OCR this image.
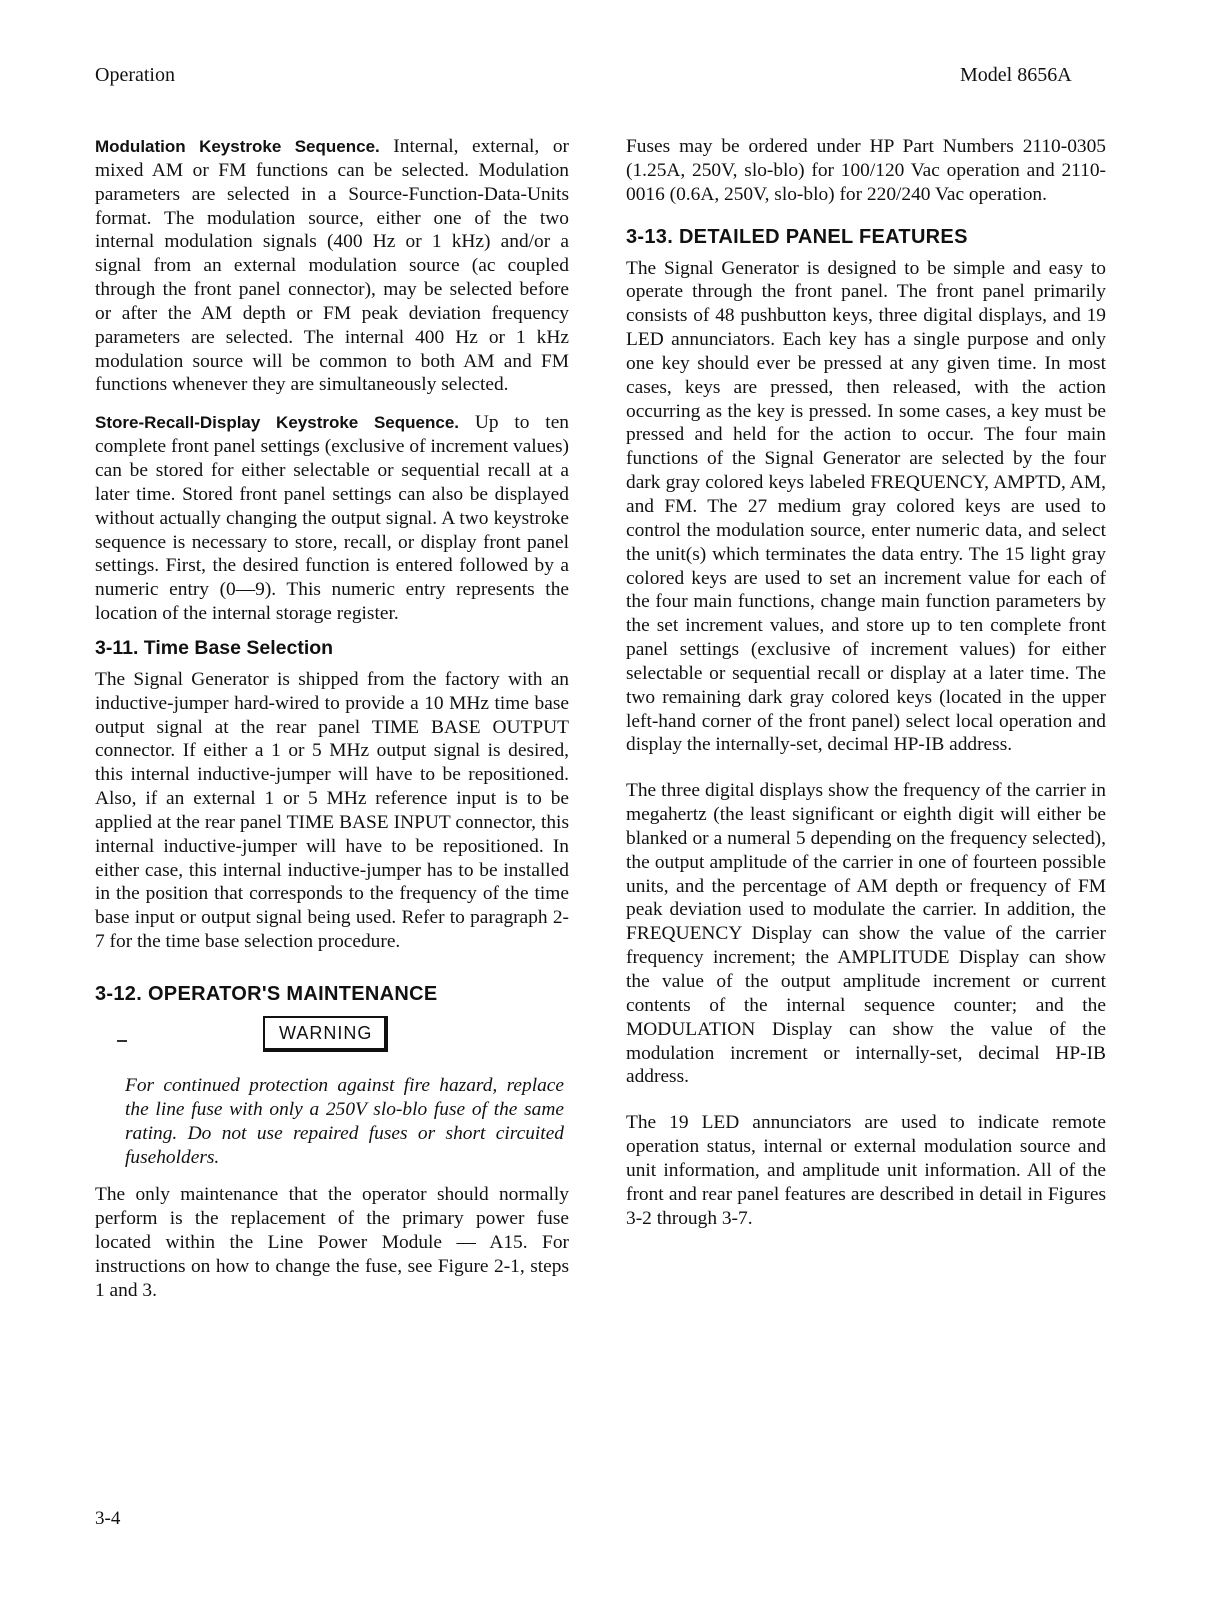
Operation	Model 8656A

Modulation Keystroke Sequence. Internal, external, or mixed AM or FM functions can be selected. Modulation parameters are selected in a Source-Function-Data-Units format. The modulation source, either one of the two internal modulation signals (400 Hz or 1 kHz) and/or a signal from an external modulation source (ac coupled through the front panel connector), may be selected before or after the AM depth or FM peak deviation frequency parameters are selected. The internal 400 Hz or 1 kHz modulation source will be common to both AM and FM functions whenever they are simultaneously selected.

Store-Recall-Display Keystroke Sequence. Up to ten complete front panel settings (exclusive of increment values) can be stored for either selectable or sequential recall at a later time. Stored front panel settings can also be displayed without actually changing the output signal. A two keystroke sequence is necessary to store, recall, or display front panel settings. First, the desired function is entered followed by a numeric entry (0—9). This numeric entry represents the location of the internal storage register.

3-11. Time Base Selection

The Signal Generator is shipped from the factory with an inductive-jumper hard-wired to provide a 10 MHz time base output signal at the rear panel TIME BASE OUTPUT connector. If either a 1 or 5 MHz output signal is desired, this internal inductive-jumper will have to be repositioned. Also, if an external 1 or 5 MHz reference input is to be applied at the rear panel TIME BASE INPUT connector, this internal inductive-jumper will have to be repositioned. In either case, this internal inductive-jumper has to be installed in the position that corresponds to the frequency of the time base input or output signal being used. Refer to paragraph 2-7 for the time base selection procedure.

3-12. OPERATOR'S MAINTENANCE
WARNING

For continued protection against fire hazard, replace the line fuse with only a 250V slo-blo fuse of the same rating. Do not use repaired fuses or short circuited fuseholders.

The only maintenance that the operator should normally perform is the replacement of the primary power fuse located within the Line Power Module — A15. For instructions on how to change the fuse, see Figure 2-1, steps 1 and 3.

Fuses may be ordered under HP Part Numbers 2110-0305 (1.25A, 250V, slo-blo) for 100/120 Vac operation and 2110-0016 (0.6A, 250V, slo-blo) for 220/240 Vac operation.

3-13. DETAILED PANEL FEATURES

The Signal Generator is designed to be simple and easy to operate through the front panel. The front panel primarily consists of 48 pushbutton keys, three digital displays, and 19 LED annunciators. Each key has a single purpose and only one key should ever be pressed at any given time. In most cases, keys are pressed, then released, with the action occurring as the key is pressed. In some cases, a key must be pressed and held for the action to occur. The four main functions of the Signal Generator are selected by the four dark gray colored keys labeled FREQUENCY, AMPTD, AM, and FM. The 27 medium gray colored keys are used to control the modulation source, enter numeric data, and select the unit(s) which terminates the data entry. The 15 light gray colored keys are used to set an increment value for each of the four main functions, change main function parameters by the set increment values, and store up to ten complete front panel settings (exclusive of increment values) for either selectable or sequential recall or display at a later time. The two remaining dark gray colored keys (located in the upper left-hand corner of the front panel) select local operation and display the internally-set, decimal HP-IB address.

The three digital displays show the frequency of the carrier in megahertz (the least significant or eighth digit will either be blanked or a numeral 5 depending on the frequency selected), the output amplitude of the carrier in one of fourteen possible units, and the percentage of AM depth or frequency of FM peak deviation used to modulate the carrier. In addition, the FREQUENCY Display can show the value of the carrier frequency increment; the AMPLITUDE Display can show the value of the output amplitude increment or current contents of the internal sequence counter; and the MODULATION Display can show the value of the modulation increment or internally-set, decimal HP-IB address.

The 19 LED annunciators are used to indicate remote operation status, internal or external modulation source and unit information, and amplitude unit information. All of the front and rear panel features are described in detail in Figures 3-2 through 3-7.

3-4
